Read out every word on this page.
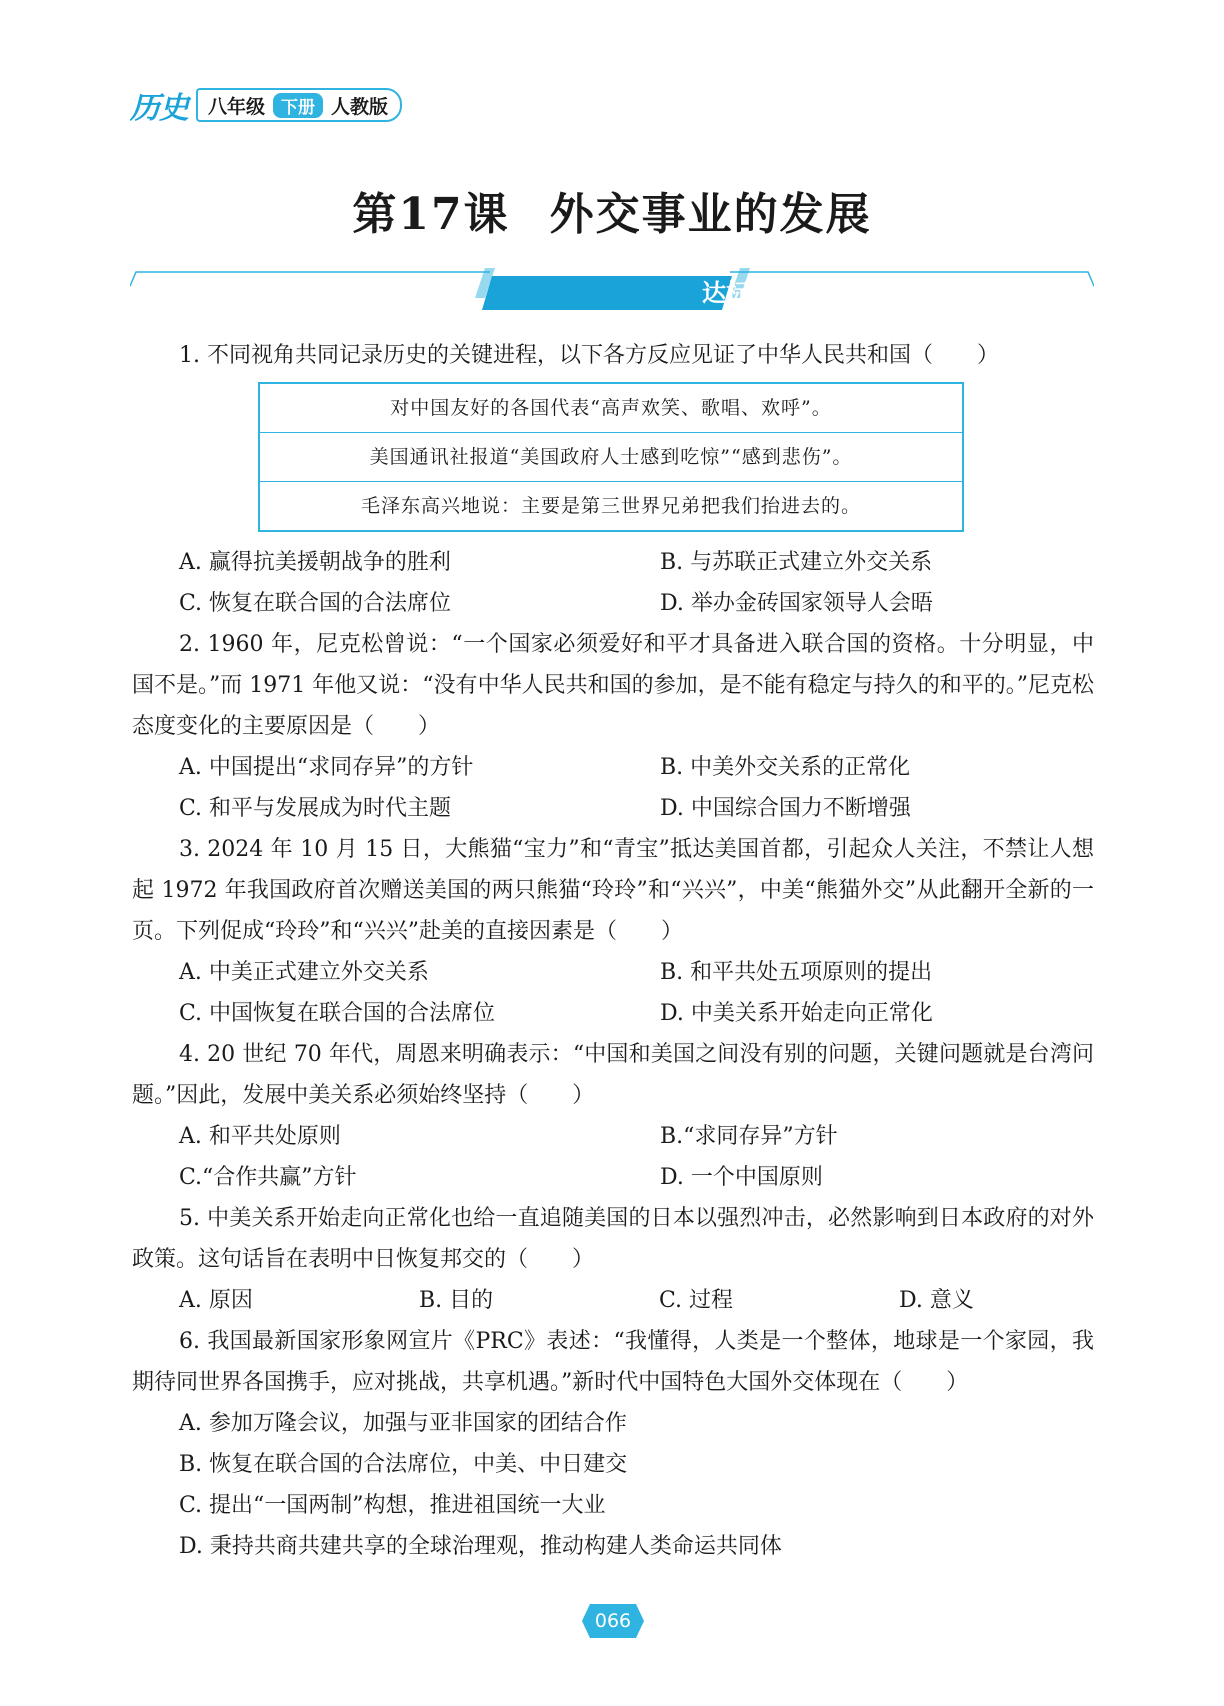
历史 八年级 下册 人教版
第17课 外交事业的发展
达标闯关

1. 不同视角共同记录历史的关键进程，以下各方反应见证了中华人民共和国（　　）

对中国友好的各国代表“高声欢笑、歌唱、欢呼”。
美国通讯社报道“美国政府人士感到吃惊”“感到悲伤”。
毛泽东高兴地说：主要是第三世界兄弟把我们抬进去的。
A. 赢得抗美援朝战争的胜利	B. 与苏联正式建立外交关系
C. 恢复在联合国的合法席位	D. 举办金砖国家领导人会晤

2. 1960 年，尼克松曾说：“一个国家必须爱好和平才具备进入联合国的资格。十分明显，中国不是。”而 1971 年他又说：“没有中华人民共和国的参加，是不能有稳定与持久的和平的。”尼克松态度变化的主要原因是（　　）

A. 中国提出“求同存异”的方针	B. 中美外交关系的正常化
C. 和平与发展成为时代主题	D. 中国综合国力不断增强

3. 2024 年 10 月 15 日，大熊猫“宝力”和“青宝”抵达美国首都，引起众人关注，不禁让人想起 1972 年我国政府首次赠送美国的两只熊猫“玲玲”和“兴兴”，中美“熊猫外交”从此翻开全新的一页。下列促成“玲玲”和“兴兴”赴美的直接因素是（　　）

A. 中美正式建立外交关系	B. 和平共处五项原则的提出
C. 中国恢复在联合国的合法席位	D. 中美关系开始走向正常化

4. 20 世纪 70 年代，周恩来明确表示：“中国和美国之间没有别的问题，关键问题就是台湾问题。”因此，发展中美关系必须始终坚持（　　）

A. 和平共处原则	B.“求同存异”方针
C.“合作共赢”方针	D. 一个中国原则

5. 中美关系开始走向正常化也给一直追随美国的日本以强烈冲击，必然影响到日本政府的对外政策。这句话旨在表明中日恢复邦交的（　　）

A. 原因	B. 目的	C. 过程	D. 意义

6. 我国最新国家形象网宣片《PRC》表述：“我懂得，人类是一个整体，地球是一个家园，我期待同世界各国携手，应对挑战，共享机遇。”新时代中国特色大国外交体现在（　　）

A. 参加万隆会议，加强与亚非国家的团结合作
B. 恢复在联合国的合法席位，中美、中日建交
C. 提出“一国两制”构想，推进祖国统一大业
D. 秉持共商共建共享的全球治理观，推动构建人类命运共同体
066
